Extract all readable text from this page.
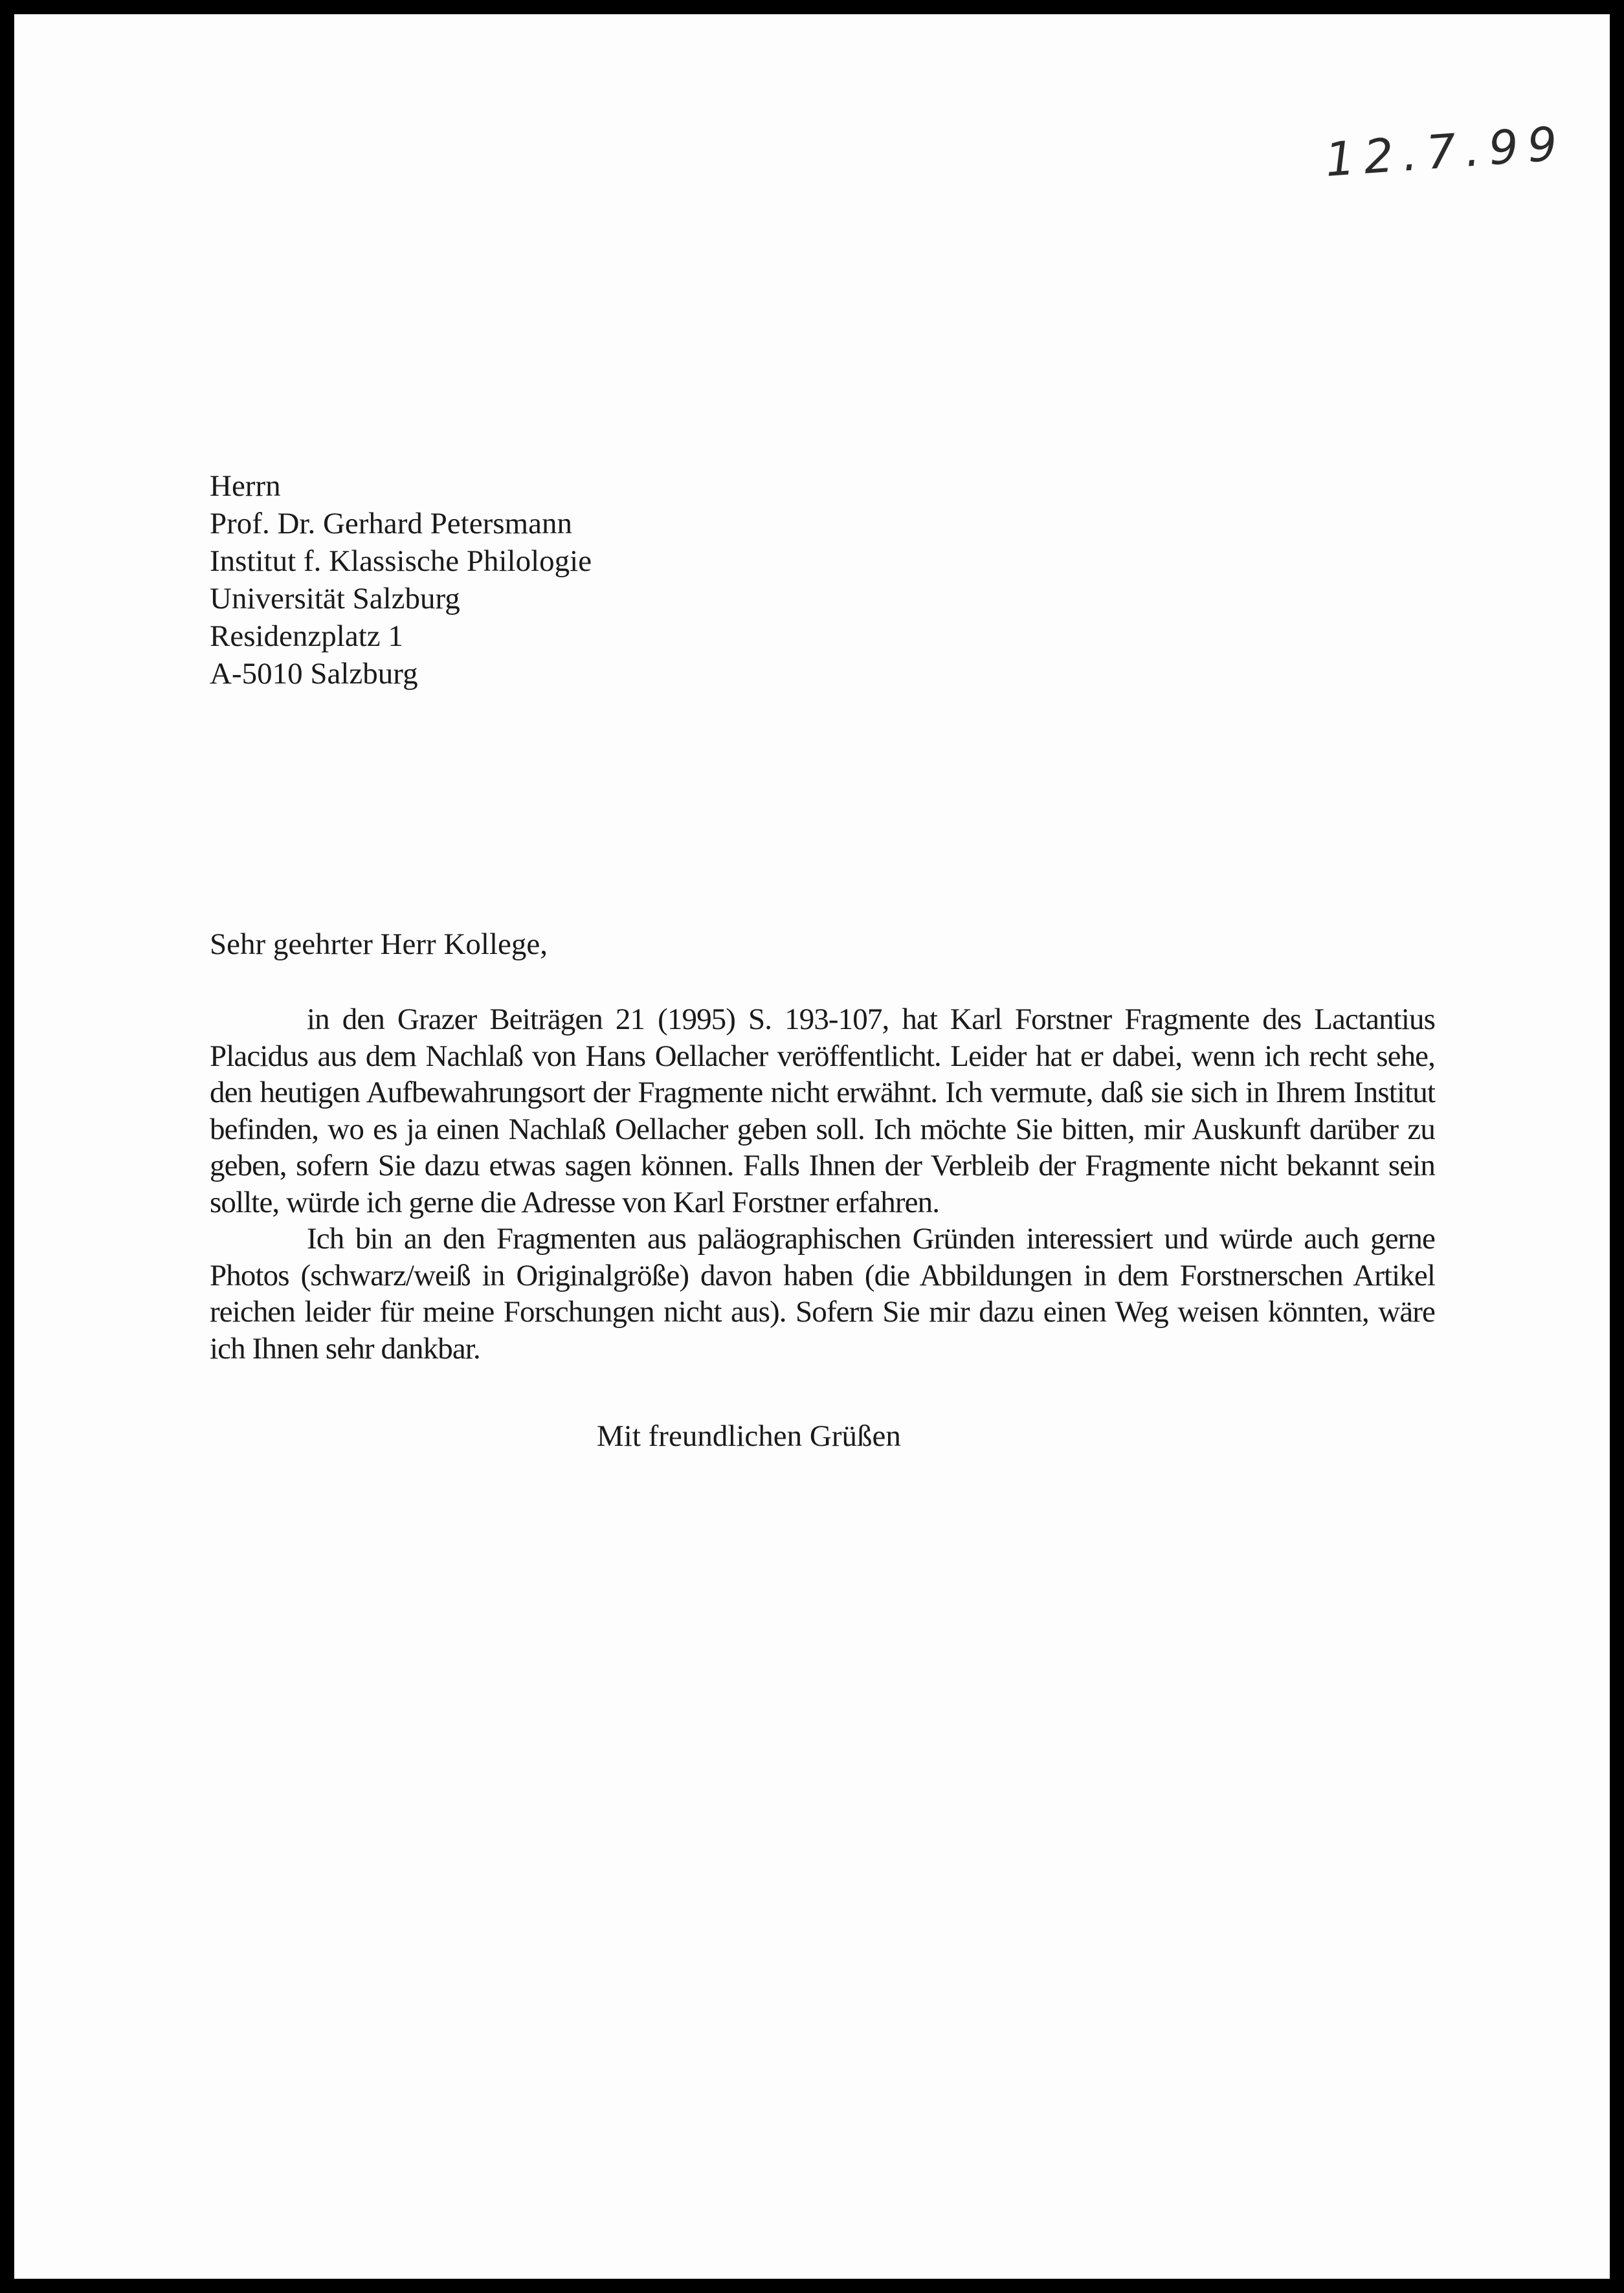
12.7.99
Herrn
Prof. Dr. Gerhard Petersmann
Institut f. Klassische Philologie
Universität Salzburg
Residenzplatz 1
A-5010 Salzburg
Sehr geehrter Herr Kollege,

in den Grazer Beiträgen 21 (1995) S. 193-107, hat Karl Forstner Fragmente des Lactantius Placidus aus dem Nachlaß von Hans Oellacher veröffentlicht. Leider hat er dabei, wenn ich recht sehe, den heutigen Aufbewahrungsort der Fragmente nicht erwähnt. Ich vermute, daß sie sich in Ihrem Institut befinden, wo es ja einen Nachlaß Oellacher geben soll. Ich möchte Sie bitten, mir Auskunft darüber zu geben, sofern Sie dazu etwas sagen können. Falls Ihnen der Verbleib der Fragmente nicht bekannt sein sollte, würde ich gerne die Adresse von Karl Forstner erfahren.

Ich bin an den Fragmenten aus paläographischen Gründen interessiert und würde auch gerne Photos (schwarz/weiß in Originalgröße) davon haben (die Abbildungen in dem Forstnerschen Artikel reichen leider für meine Forschungen nicht aus). Sofern Sie mir dazu einen Weg weisen könnten, wäre ich Ihnen sehr dankbar.

Mit freundlichen Grüßen
